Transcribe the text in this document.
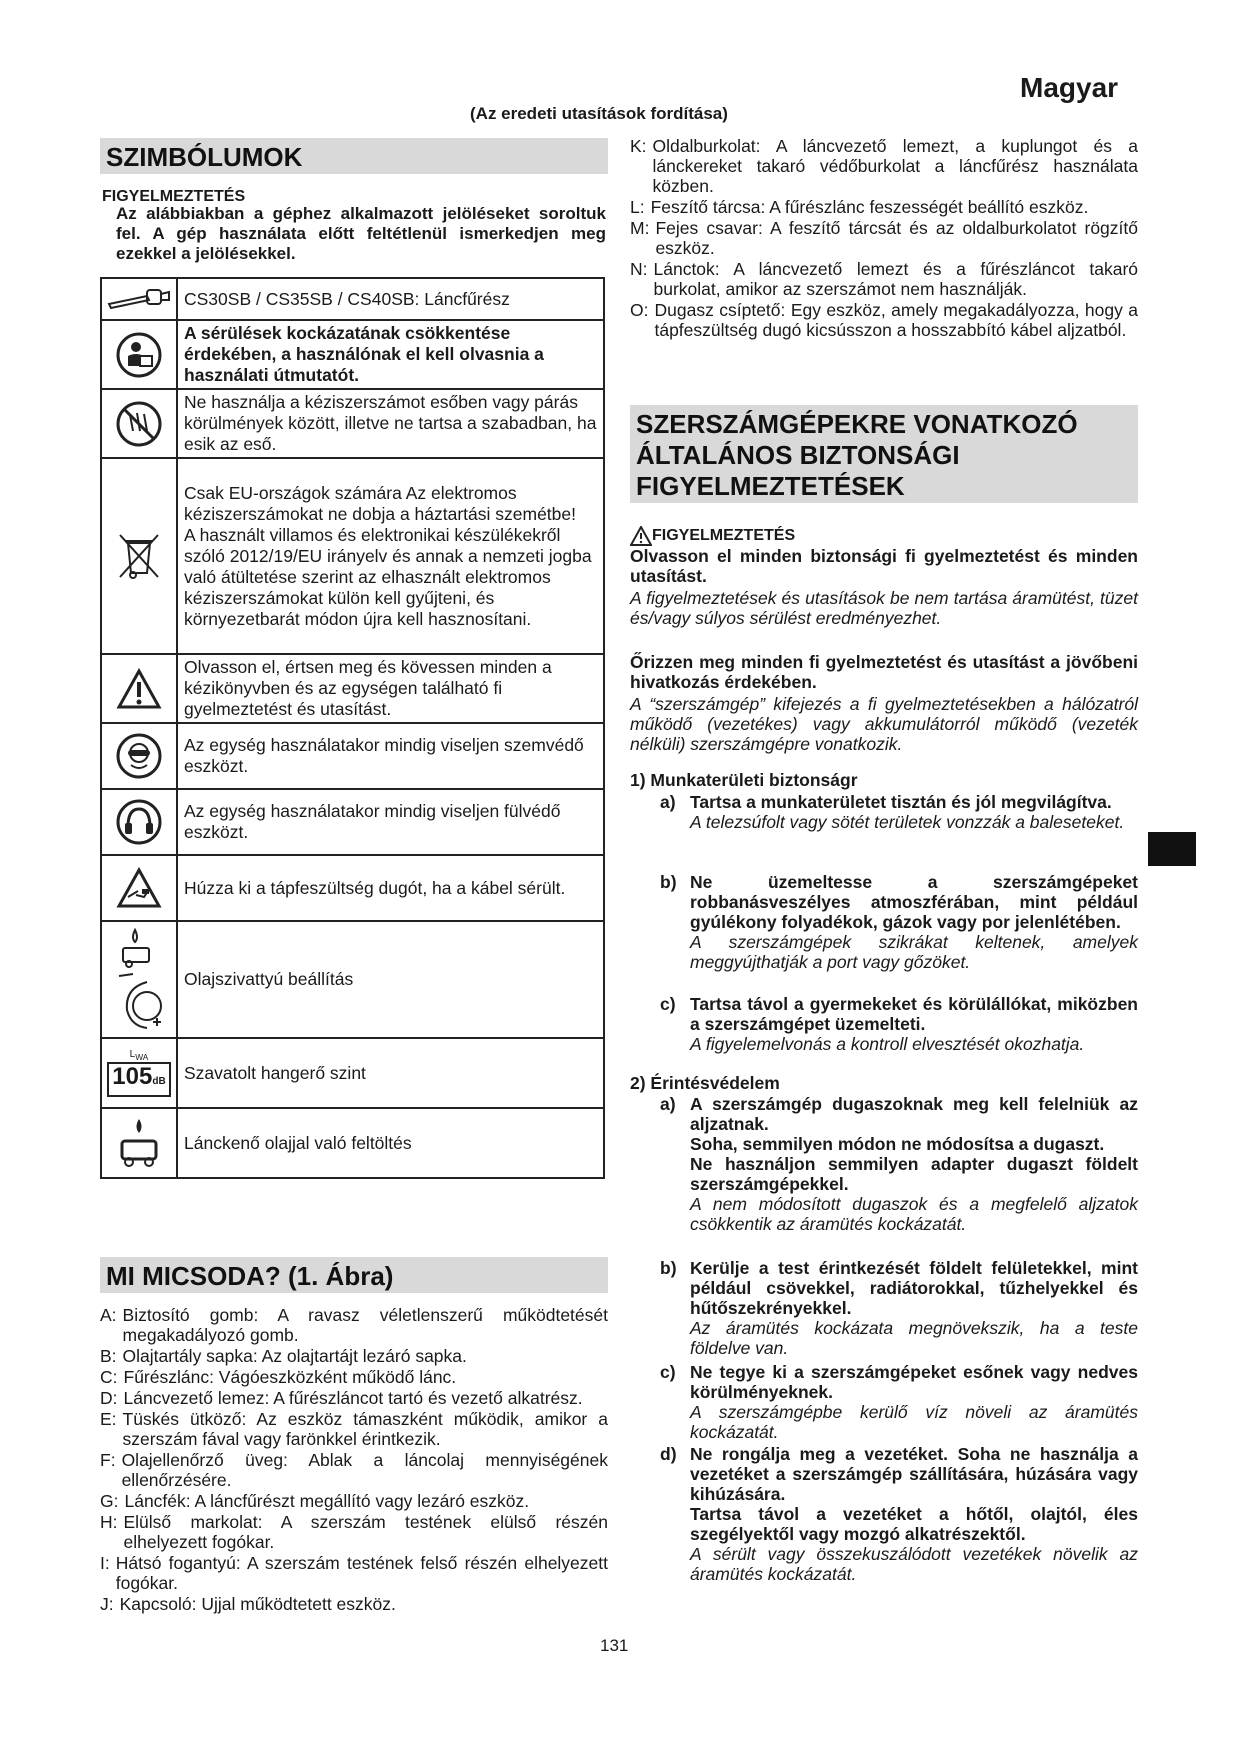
Magyar
(Az eredeti utasítások fordítása)
SZIMBÓLUMOK
FIGYELMEZTETÉS
Az alábbiakban a géphez alkalmazott jelöléseket soroltuk fel. A gép használata előtt feltétlenül ismerkedjen meg ezekkel a jelölésekkel.
	CS30SB / CS35SB / CS40SB: Láncfűrész

	A sérülések kockázatának csökkentése érdekében, a használónak el kell olvasnia a használati útmutatót.

	Ne használja a kéziszerszámot esőben vagy párás körülmények között, illetve ne tartsa a szabadban, ha esik az eső.

	Csak EU-országok számára Az elektromos kéziszerszámokat ne dobja a háztartási szemétbe!
A használt villamos és elektronikai készülékekről szóló 2012/19/EU irányelv és annak a nemzeti jogba való átültetése szerint az elhasznált elektromos kéziszerszámokat külön kell gyűjteni, és környezetbarát módon újra kell hasznosítani.

	Olvasson el, értsen meg és kövessen minden a kézikönyvben és az egységen található fi gyelmeztetést és utasítást.

	Az egység használatakor mindig viseljen szemvédő eszközt.

	Az egység használatakor mindig viseljen fülvédő eszközt.

	Húzza ki a tápfeszültség dugót, ha a kábel sérült.

	Olajszivattyú beállítás

$L_{WA}$
105dB	Szavatolt hangerő szint

	Lánckenő olajjal való feltöltés
MI MICSODA? (1. Ábra)
A: Biztosító gomb: A ravasz véletlenszerű működtetését megakadályozó gomb.
B: Olajtartály sapka: Az olajtartájt lezáró sapka.
C: Fűrészlánc: Vágóeszközként működő lánc.
D: Láncvezető lemez: A fűrészláncot tartó és vezető alkatrész.
E: Tüskés ütköző: Az eszköz támaszként működik, amikor a szerszám fával vagy farönkkel érintkezik.
F: Olajellenőrző üveg: Ablak a láncolaj mennyiségének ellenőrzésére.
G: Láncfék: A láncfűrészt megállító vagy lezáró eszköz.
H: Elülső markolat: A szerszám testének elülső részén elhelyezett fogókar.
I: Hátsó fogantyú: A szerszám testének felső részén elhelyezett fogókar.
J: Kapcsoló: Ujjal működtetett eszköz.
K: Oldalburkolat: A láncvezető lemezt, a kuplungot és a lánckereket takaró védőburkolat a láncfűrész használata közben.
L: Feszítő tárcsa: A fűrészlánc feszességét beállító eszköz.
M: Fejes csavar: A feszítő tárcsát és az oldalburkolatot rögzítő eszköz.
N: Lánctok: A láncvezető lemezt és a fűrészláncot takaró burkolat, amikor az szerszámot nem használják.
O: Dugasz csíptető: Egy eszköz, amely megakadályozza, hogy a tápfeszültség dugó kicsússzon a hosszabbító kábel aljzatból.
SZERSZÁMGÉPEKRE VONATKOZÓ ÁLTALÁNOS BIZTONSÁGI FIGYELMEZTETÉSEK
FIGYELMEZTETÉS
Olvasson el minden biztonsági fi gyelmeztetést és minden utasítást.
A figyelmeztetések és utasítások be nem tartása áramütést, tüzet és/vagy súlyos sérülést eredményezhet.
Őrizzen meg minden fi gyelmeztetést és utasítást a jövőbeni hivatkozás érdekében.
A “szerszámgép” kifejezés a fi gyelmeztetésekben a hálózatról működő (vezetékes) vagy akkumulátorról működő (vezeték nélküli) szerszámgépre vonatkozik.
1) Munkaterületi biztonságr
a) Tartsa a munkaterületet tisztán és jól megvilágítva.
A telezsúfolt vagy sötét területek vonzzák a baleseteket.
b) Ne üzemeltesse a szerszámgépeket robbanásveszélyes atmoszférában, mint például gyúlékony folyadékok, gázok vagy por jelenlétében.
A szerszámgépek szikrákat keltenek, amelyek meggyújthatják a port vagy gőzöket.
c) Tartsa távol a gyermekeket és körülállókat, miközben a szerszámgépet üzemelteti.
A figyelemelvonás a kontroll elvesztését okozhatja.
2) Érintésvédelem
a) A szerszámgép dugaszoknak meg kell felelniük az aljzatnak.
Soha, semmilyen módon ne módosítsa a dugaszt.
Ne használjon semmilyen adapter dugaszt földelt szerszámgépekkel.
A nem módosított dugaszok és a megfelelő aljzatok csökkentik az áramütés kockázatát.
b) Kerülje a test érintkezését földelt felületekkel, mint például csövekkel, radiátorokkal, tűzhelyekkel és hűtőszekrényekkel.
Az áramütés kockázata megnövekszik, ha a teste földelve van.
c) Ne tegye ki a szerszámgépeket esőnek vagy nedves körülményeknek.
A szerszámgépbe kerülő víz növeli az áramütés kockázatát.
d) Ne rongálja meg a vezetéket. Soha ne használja a vezetéket a szerszámgép szállítására, húzására vagy kihúzására.
Tartsa távol a vezetéket a hőtől, olajtól, éles szegélyektől vagy mozgó alkatrészektől.
A sérült vagy összekuszálódott vezetékek növelik az áramütés kockázatát.
131
